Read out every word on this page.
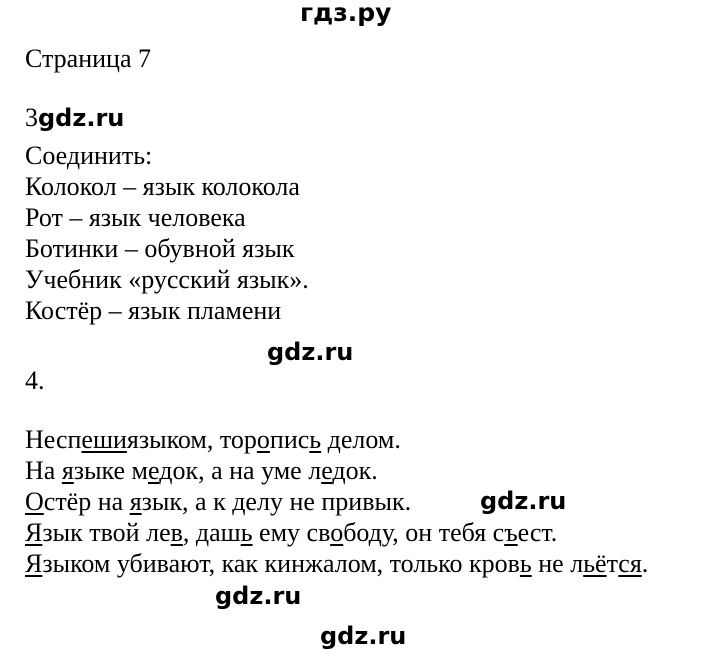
гдз.ру
Страница 7
3gdz.ru
Соединить:
Колокол – язык колокола
Рот – язык человека
Ботинки – обувной язык
Учебник «русский язык».
Костёр – язык пламени
gdz.ru
4.
Неспешиязыком, торопись делом.
На языке медок, а на уме ледок.
Остёр на язык, а к делу не привык.
Язык твой лев, дашь ему свободу, он тебя съест.
Языком убивают, как кинжалом, только кровь не льётся.
gdz.ru
gdz.ru
gdz.ru
